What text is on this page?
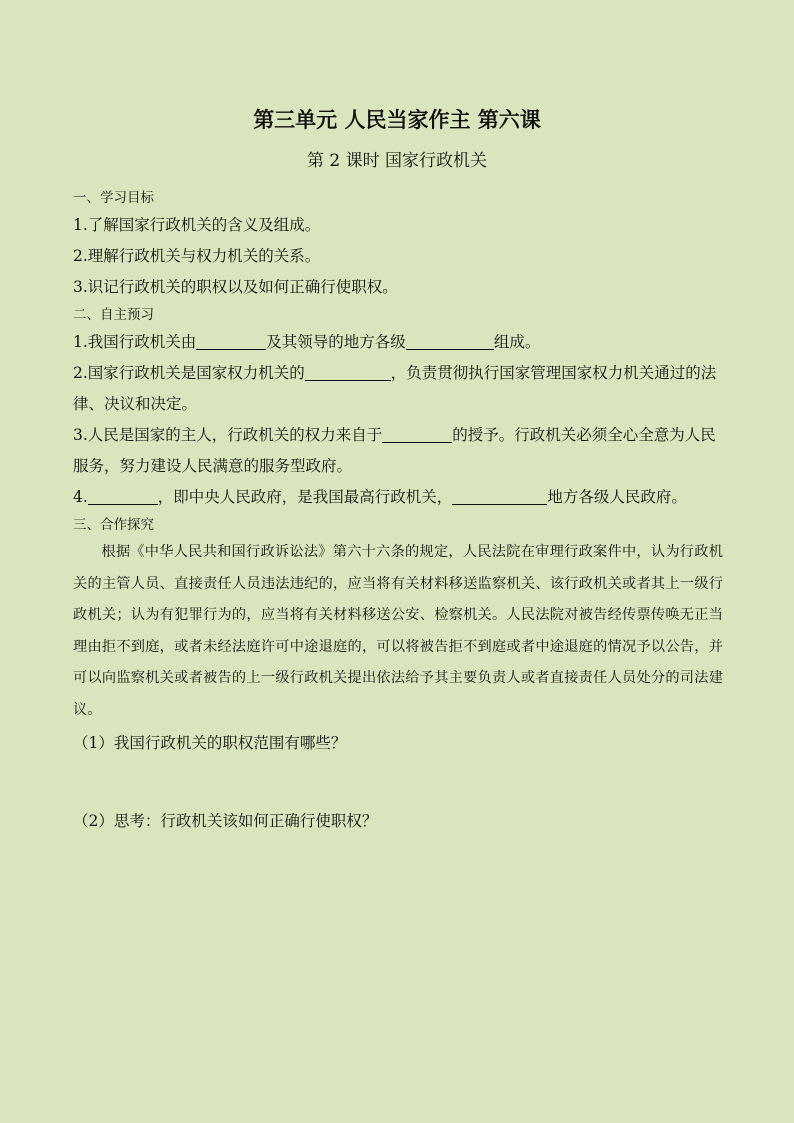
第三单元 人民当家作主 第六课
第 2 课时 国家行政机关
一、学习目标
1.了解国家行政机关的含义及组成。
2.理解行政机关与权力机关的关系。
3.识记行政机关的职权以及如何正确行使职权。
二、自主预习
1.我国行政机关由	及其领导的地方各级	组成。
2.国家行政机关是国家权力机关的	，负责贯彻执行国家管理国家权力机关通过的法律、决议和决定。
3.人民是国家的主人，行政机关的权力来自于	的授予。行政机关必须全心全意为人民服务，努力建设人民满意的服务型政府。
4.	，即中央人民政府，是我国最高行政机关，	地方各级人民政府。
三、合作探究
根据《中华人民共和国行政诉讼法》第六十六条的规定，人民法院在审理行政案件中，认为行政机关的主管人员、直接责任人员违法违纪的，应当将有关材料移送监察机关、该行政机关或者其上一级行政机关；认为有犯罪行为的，应当将有关材料移送公安、检察机关。人民法院对被告经传票传唤无正当理由拒不到庭，或者未经法庭许可中途退庭的，可以将被告拒不到庭或者中途退庭的情况予以公告，并可以向监察机关或者被告的上一级行政机关提出依法给予其主要负责人或者直接责任人员处分的司法建议。
（1）我国行政机关的职权范围有哪些？
（2）思考：行政机关该如何正确行使职权？
